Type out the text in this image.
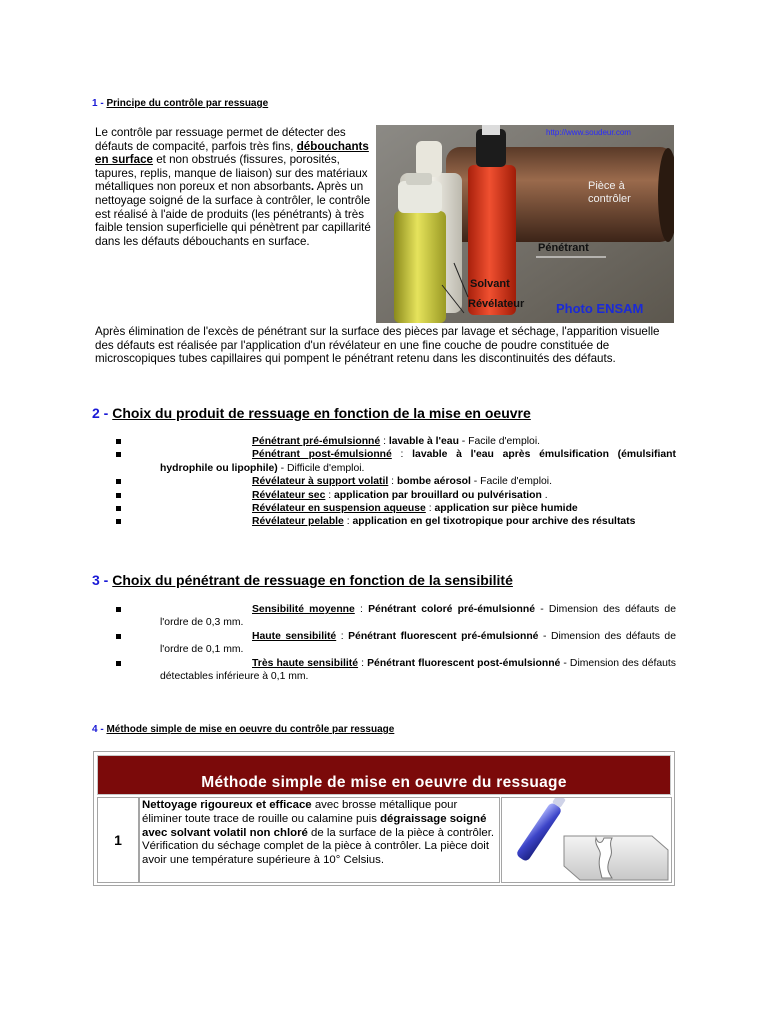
1 - Principe du contrôle par ressuage
Le contrôle par ressuage permet de détecter des défauts de compacité, parfois très fins, débouchants en surface et non obstrués (fissures, porosités, tapures, replis, manque de liaison) sur des matériaux métalliques non poreux et non absorbants. Après un nettoyage soigné de la surface à contrôler, le contrôle est réalisé à l'aide de produits (les pénétrants) à très faible tension superficielle qui pénètrent par capillarité dans les défauts débouchants en surface.
http://www.soudeur.com
Pièce à contrôler
Pénétrant
Solvant
Révélateur Photo ENSAM
Après élimination de l'excès de pénétrant sur la surface des pièces par lavage et séchage, l'apparition visuelle des défauts est réalisée par l'application d'un révélateur en une fine couche de poudre constituée de microscopiques tubes capillaires qui pompent le pénétrant retenu dans les discontinuités des défauts.
2 - Choix du produit de ressuage en fonction de la mise en oeuvre
Pénétrant pré-émulsionné : lavable à l'eau - Facile d'emploi.
Pénétrant post-émulsionné : lavable à l'eau après émulsification (émulsifiant hydrophile ou lipophile) - Difficile d'emploi.
Révélateur à support volatil : bombe aérosol - Facile d'emploi.
Révélateur sec : application par brouillard ou pulvérisation .
Révélateur en suspension aqueuse : application sur pièce humide
Révélateur pelable : application en gel tixotropique pour archive des résultats
3 - Choix du pénétrant de ressuage en fonction de la sensibilité
Sensibilité moyenne : Pénétrant coloré pré-émulsionné - Dimension des défauts de l'ordre de 0,3 mm.
Haute sensibilité : Pénétrant fluorescent pré-émulsionné - Dimension des défauts de l'ordre de 0,1 mm.
Très haute sensibilité : Pénétrant fluorescent post-émulsionné - Dimension des défauts détectables inférieure à 0,1 mm.
4 - Méthode simple de mise en oeuvre du contrôle par ressuage
Méthode simple de mise en oeuvre du ressuage
1
Nettoyage rigoureux et efficace avec brosse métallique pour éliminer toute trace de rouille ou calamine puis dégraissage soigné avec solvant volatil non chloré de la surface de la pièce à contrôler. Vérification du séchage complet de la pièce à contrôler. La pièce doit avoir une température supérieure à 10° Celsius.
